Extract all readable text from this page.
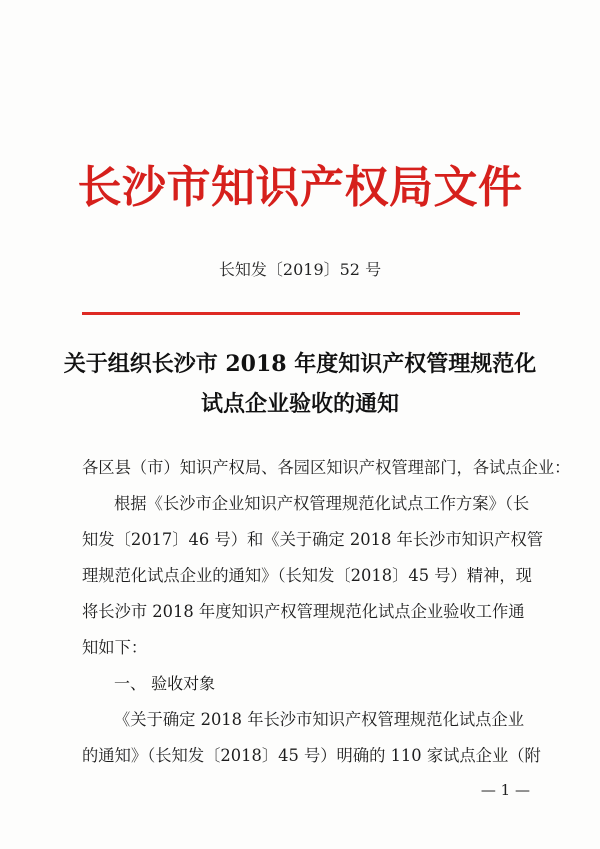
长沙市知识产权局文件
长知发〔2019〕52 号
关于组织长沙市 2018 年度知识产权管理规范化
试点企业验收的通知
各区县（市）知识产权局、各园区知识产权管理部门，各试点企业：
根据《长沙市企业知识产权管理规范化试点工作方案》（长
知发〔2017〕46 号）和《关于确定 2018 年长沙市知识产权管
理规范化试点企业的通知》（长知发〔2018〕45 号）精神，现
将长沙市 2018 年度知识产权管理规范化试点企业验收工作通
知如下：
一、 验收对象
《关于确定 2018 年长沙市知识产权管理规范化试点企业
的通知》（长知发〔2018〕45 号）明确的 110 家试点企业（附
— 1 —
